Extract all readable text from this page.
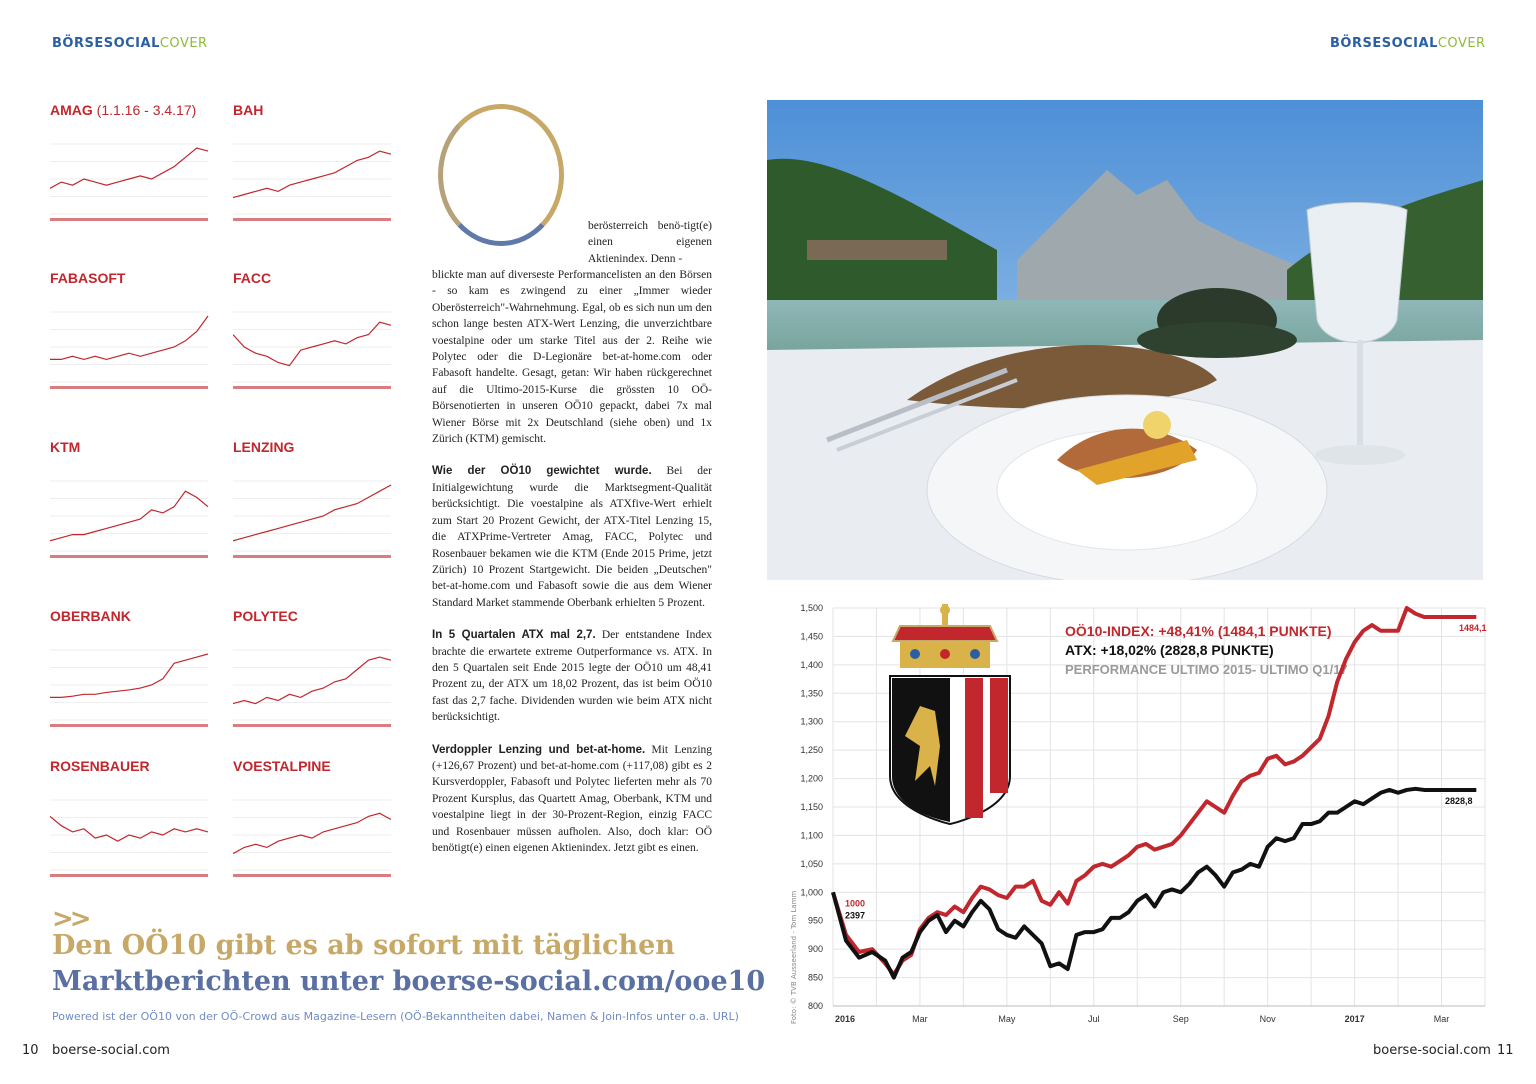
BÖRSESOCIALCOVER	BÖRSESOCIALCOVER
AMAG (1.1.16 - 3.4.17)	BAH
FABASOFT	FACC
KTM	LENZING
OBERBANK	POLYTEC
ROSENBAUER	VOESTALPINE
berösterreich benö-tigt(e) einen eigenen Aktienindex. Denn -

blickte man auf diverseste Performancelisten an den Börsen - so kam es zwingend zu einer „Immer wieder Oberösterreich"-Wahrnehmung. Egal, ob es sich nun um den schon lange besten ATX-Wert Lenzing, die unverzichtbare voestalpine oder um starke Titel aus der 2. Reihe wie Polytec oder die D-Legionäre bet-at-home.com oder Fabasoft handelte. Gesagt, getan: Wir haben rückgerechnet auf die Ultimo-2015-Kurse die grössten 10 OÖ-Börsenotierten in unseren OÖ10 gepackt, dabei 7x mal Wiener Börse mit 2x Deutschland (siehe oben) und 1x Zürich (KTM) gemischt.

Wie der OÖ10 gewichtet wurde. Bei der Initialgewichtung wurde die Marktsegment-Qualität berücksichtigt. Die voestalpine als ATXfive-Wert erhielt zum Start 20 Prozent Gewicht, der ATX-Titel Lenzing 15, die ATXPrime-Vertreter Amag, FACC, Polytec und Rosenbauer bekamen wie die KTM (Ende 2015 Prime, jetzt Zürich) 10 Prozent Startgewicht. Die beiden „Deutschen" bet-at-home.com und Fabasoft sowie die aus dem Wiener Standard Market stammende Oberbank erhielten 5 Prozent.

In 5 Quartalen ATX mal 2,7. Der entstandene Index brachte die erwartete extreme Outperformance vs. ATX. In den 5 Quartalen seit Ende 2015 legte der OÖ10 um 48,41 Prozent zu, der ATX um 18,02 Prozent, das ist beim OÖ10 fast das 2,7 fache. Dividenden wurden wie beim ATX nicht berücksichtigt.

Verdoppler Lenzing und bet-at-home. Mit Lenzing (+126,67 Prozent) und bet-at-home.com (+117,08) gibt es 2 Kursverdoppler, Fabasoft und Polytec lieferten mehr als 70 Prozent Kursplus, das Quartett Amag, Oberbank, KTM und voestalpine liegt in der 30-Prozent-Region, einzig FACC und Rosenbauer müssen aufholen. Also, doch klar: OÖ benötigt(e) einen eigenen Aktienindex. Jetzt gibt es einen.

1,500
1,450
1,400
1,350
1,300
1,250
1,200
1,150
1,100
1,050
1,000
950
900
850
800
2016	Mar	May	Jul	Sep	Nov	2017	Mar
OÖ10-INDEX: +48,41% (1484,1 PUNKTE)
ATX: +18,02% (2828,8 PUNKTE)
PERFORMANCE ULTIMO 2015- ULTIMO Q1/17
1000
2397
1484,1
2828,8
Foto: © TVB Ausseerland - Tom Lamm
>>
Den OÖ10 gibt es ab sofort mit täglichen
Marktberichten unter boerse-social.com/ooe10
Powered ist der OÖ10 von der OÖ-Crowd aus Magazine-Lesern (OÖ-Bekanntheiten dabei, Namen & Join-Infos unter o.a. URL)
10 boerse-social.com	boerse-social.com 11
